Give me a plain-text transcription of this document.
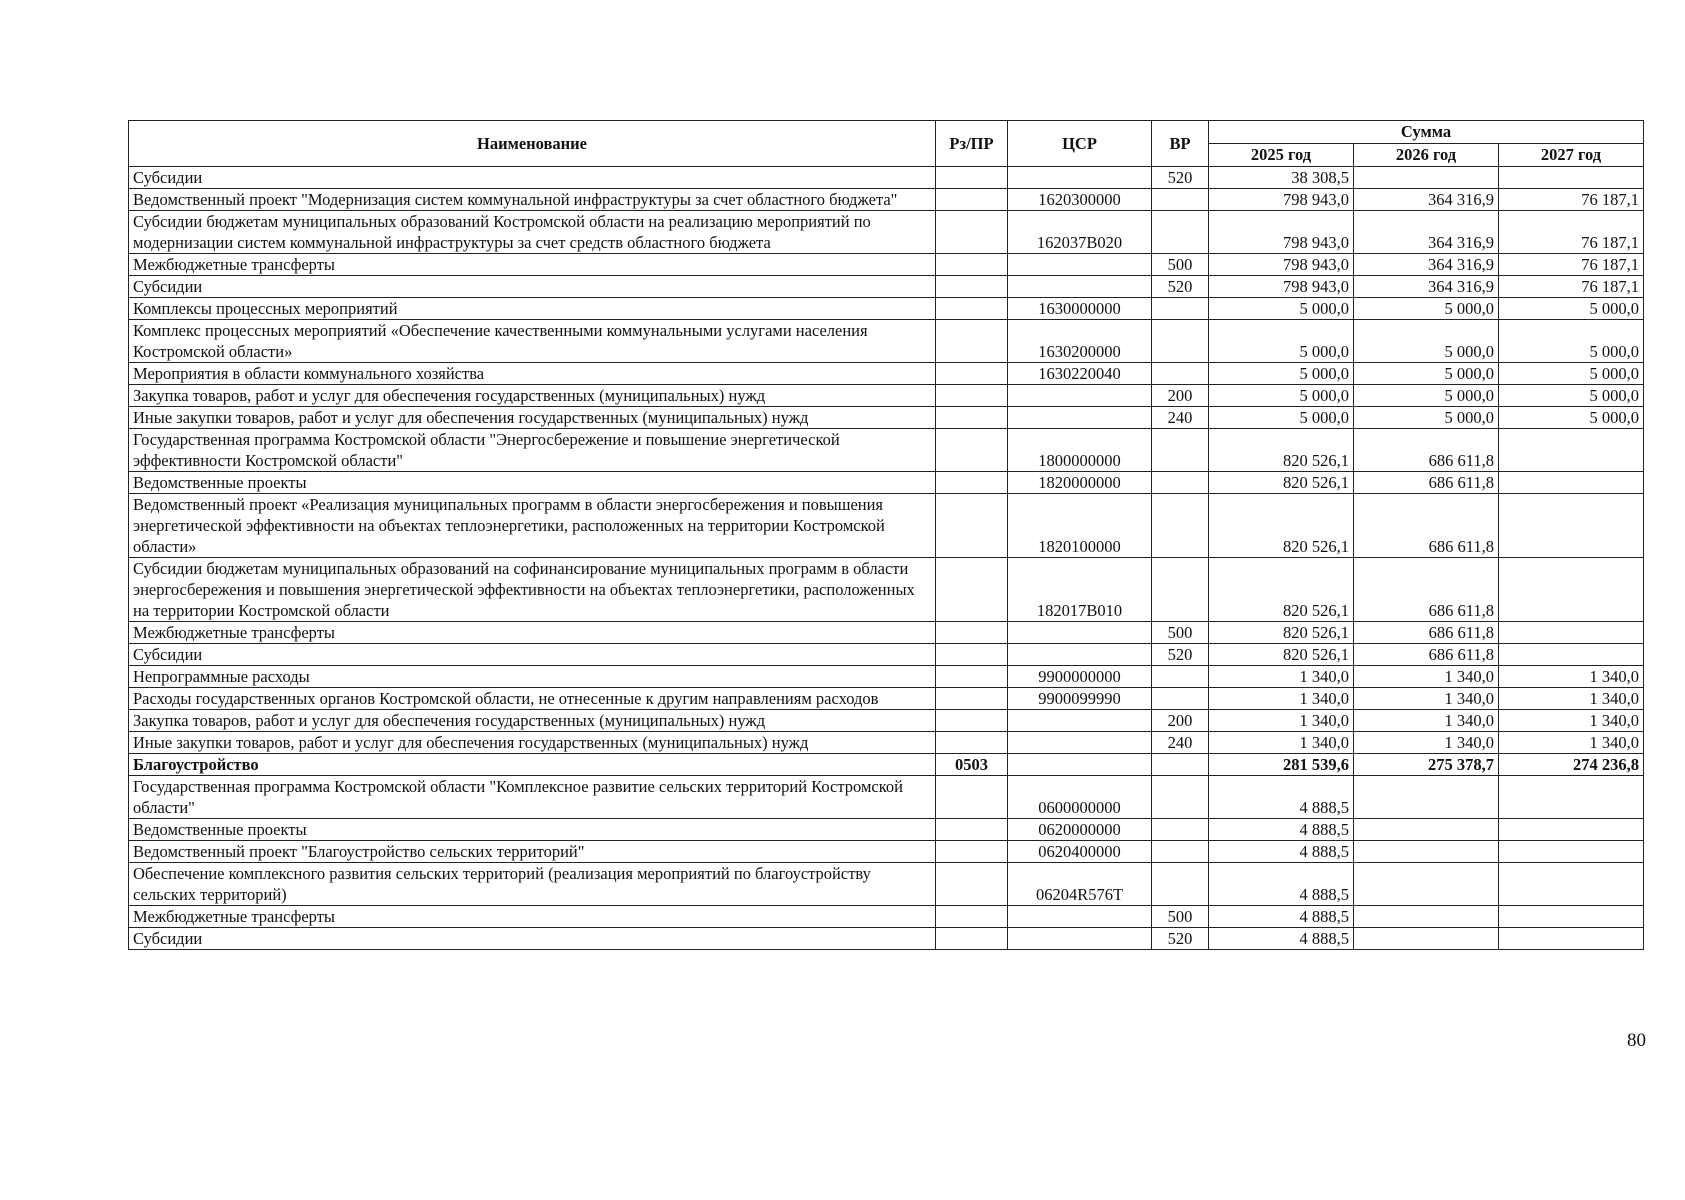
Наименование	Рз/ПР	ЦСР	ВР	Сумма		
				2025 год	2026 год	2027 год
Субсидии			520	38 308,5		
Ведомственный проект "Модернизация систем коммунальной инфраструктуры за счет областного бюджета"		1620300000		798 943,0	364 316,9	76 187,1
Субсидии бюджетам муниципальных образований Костромской области на реализацию мероприятий по модернизации систем коммунальной инфраструктуры за счет средств областного бюджета		162037В020		798 943,0	364 316,9	76 187,1
Межбюджетные трансферты			500	798 943,0	364 316,9	76 187,1
Субсидии			520	798 943,0	364 316,9	76 187,1
Комплексы процессных мероприятий		1630000000		5 000,0	5 000,0	5 000,0
Комплекс процессных мероприятий «Обеспечение качественными коммунальными услугами населения Костромской области»		1630200000		5 000,0	5 000,0	5 000,0
Мероприятия в области коммунального хозяйства		1630220040		5 000,0	5 000,0	5 000,0
Закупка товаров, работ и услуг для обеспечения государственных (муниципальных) нужд			200	5 000,0	5 000,0	5 000,0
Иные закупки товаров, работ и услуг для обеспечения государственных (муниципальных) нужд			240	5 000,0	5 000,0	5 000,0
Государственная программа Костромской области "Энергосбережение и повышение энергетической эффективности Костромской области"		1800000000		820 526,1	686 611,8	
Ведомственные проекты		1820000000		820 526,1	686 611,8	
Ведомственный проект «Реализация муниципальных программ в области энергосбережения и повышения энергетической эффективности на объектах теплоэнергетики, расположенных на территории Костромской области»		1820100000		820 526,1	686 611,8	
Субсидии бюджетам муниципальных образований на софинансирование муниципальных программ в области энергосбережения и повышения энергетической эффективности на объектах теплоэнергетики, расположенных на территории Костромской области		182017В010		820 526,1	686 611,8	
Межбюджетные трансферты			500	820 526,1	686 611,8	
Субсидии			520	820 526,1	686 611,8	
Непрограммные расходы		9900000000		1 340,0	1 340,0	1 340,0
Расходы государственных органов Костромской области, не отнесенные к другим направлениям расходов		9900099990		1 340,0	1 340,0	1 340,0
Закупка товаров, работ и услуг для обеспечения государственных (муниципальных) нужд			200	1 340,0	1 340,0	1 340,0
Иные закупки товаров, работ и услуг для обеспечения государственных (муниципальных) нужд			240	1 340,0	1 340,0	1 340,0
Благоустройство	0503			281 539,6	275 378,7	274 236,8
Государственная программа Костромской области "Комплексное развитие сельских территорий Костромской области"		0600000000		4 888,5		
Ведомственные проекты		0620000000		4 888,5		
Ведомственный проект "Благоустройство сельских территорий"		0620400000		4 888,5		
Обеспечение комплексного развития сельских территорий (реализация мероприятий по благоустройству сельских территорий)		06204R576T		4 888,5		
Межбюджетные трансферты			500	4 888,5		
Субсидии			520	4 888,5		
80
